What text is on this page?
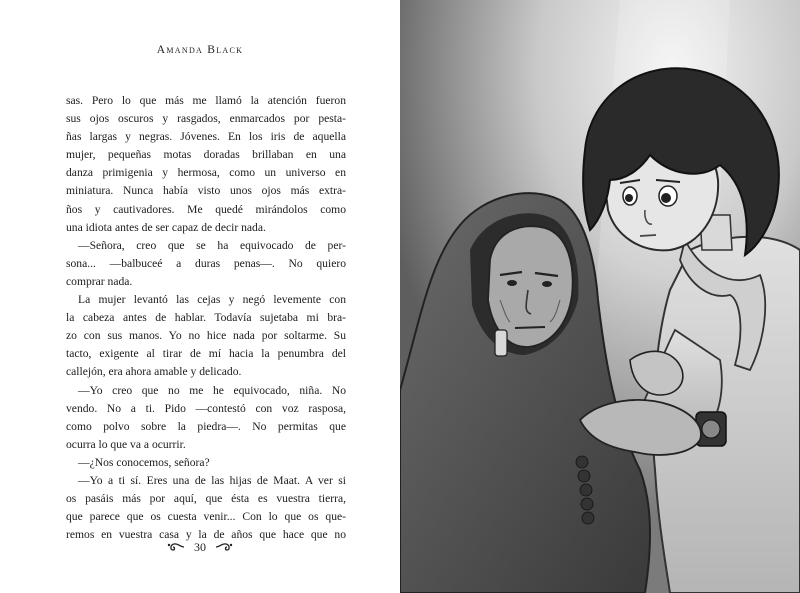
Amanda Black
sas. Pero lo que más me llamó la atención fueron
sus ojos oscuros y rasgados, enmarcados por pesta-
ñas largas y negras. Jóvenes. En los iris de aquella
mujer, pequeñas motas doradas brillaban en una
danza primigenia y hermosa, como un universo en
miniatura. Nunca había visto unos ojos más extra-
ños y cautivadores. Me quedé mirándolos como
una idiota antes de ser capaz de decir nada.
—Señora, creo que se ha equivocado de per-
sona... —balbuceé a duras penas—. No quiero
comprar nada.
La mujer levantó las cejas y negó levemente con
la cabeza antes de hablar. Todavía sujetaba mi bra-
zo con sus manos. Yo no hice nada por soltarme. Su
tacto, exigente al tirar de mí hacia la penumbra del
callejón, era ahora amable y delicado.
—Yo creo que no me he equivocado, niña. No
vendo. No a ti. Pido —contestó con voz rasposa,
como polvo sobre la piedra—. No permitas que
ocurra lo que va a ocurrir.
—¿Nos conocemos, señora?
—Yo a ti sí. Eres una de las hijas de Maat. A ver si
os pasáis más por aquí, que ésta es vuestra tierra,
que parece que os cuesta venir... Con lo que os que-
remos en vuestra casa y la de años que hace que no
30
